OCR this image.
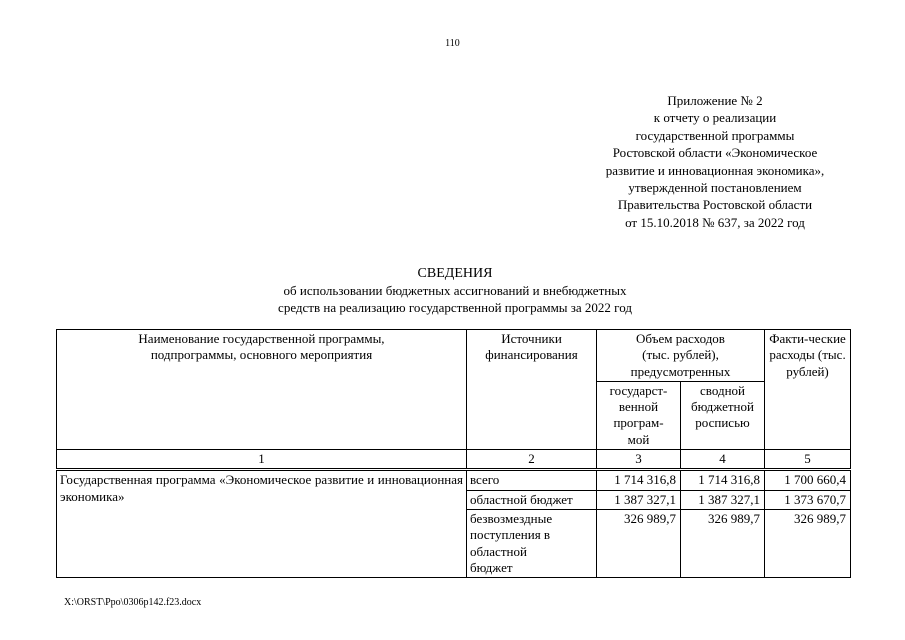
110
Приложение № 2
к отчету о реализации
государственной программы
Ростовской области «Экономическое
развитие и инновационная экономика»,
утвержденной постановлением
Правительства Ростовской области
от 15.10.2018 № 637, за 2022 год
СВЕДЕНИЯ
об использовании бюджетных ассигнований и внебюджетных
средств на реализацию государственной программы за 2022 год
Наименование государственной программы, подпрограммы, основного мероприятия	Источники финансирования	Объем расходов (тыс. рублей), предусмотренных		Факти-ческие расходы (тыс. рублей)
		государст-венной програм-мой	сводной бюджетной росписью	
1	2	3	4	5
Государственная программа «Экономическое развитие и инновационная экономика»	всего	1 714 316,8	1 714 316,8	1 700 660,4
	областной бюджет	1 387 327,1	1 387 327,1	1 373 670,7
	безвозмездные поступления в областной бюджет	326 989,7	326 989,7	326 989,7
X:\ORST\Ppo\0306p142.f23.docx
